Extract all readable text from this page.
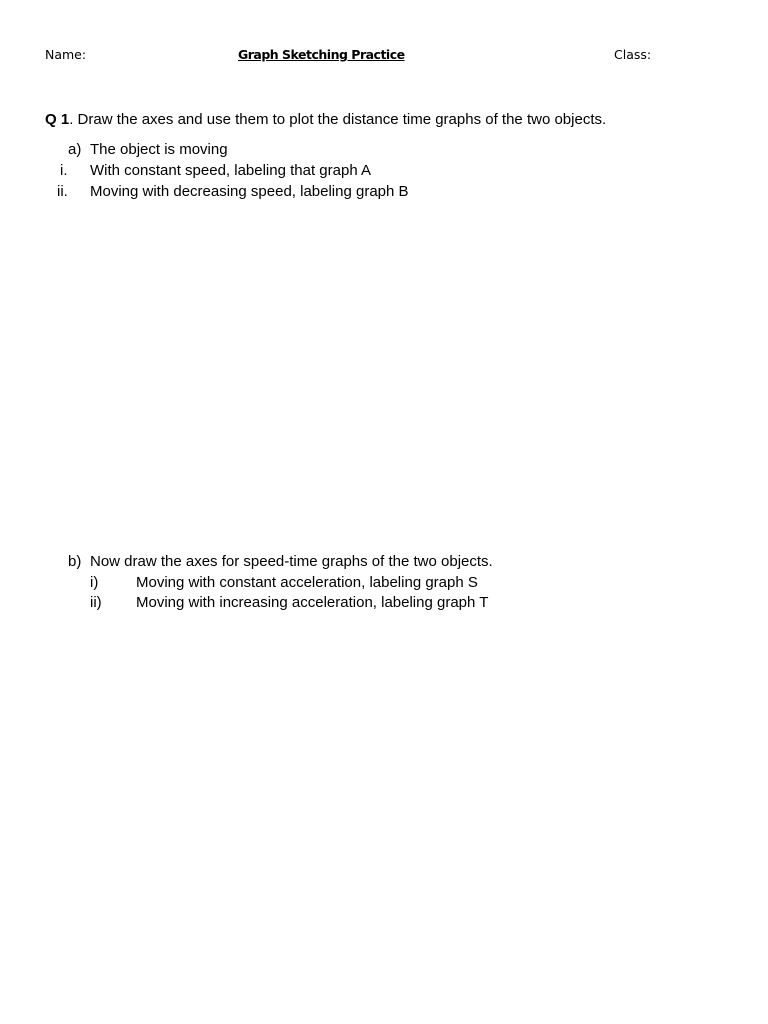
Name:	Graph Sketching Practice	Class:
Q 1. Draw the axes and use them to plot the distance time graphs of the two objects.
a) The object is moving
i. With constant speed, labeling that graph A
ii. Moving with decreasing speed, labeling graph B
b) Now draw the axes for speed-time graphs of the two objects.
i)	Moving with constant acceleration, labeling graph S
ii) Moving with increasing acceleration, labeling graph T
